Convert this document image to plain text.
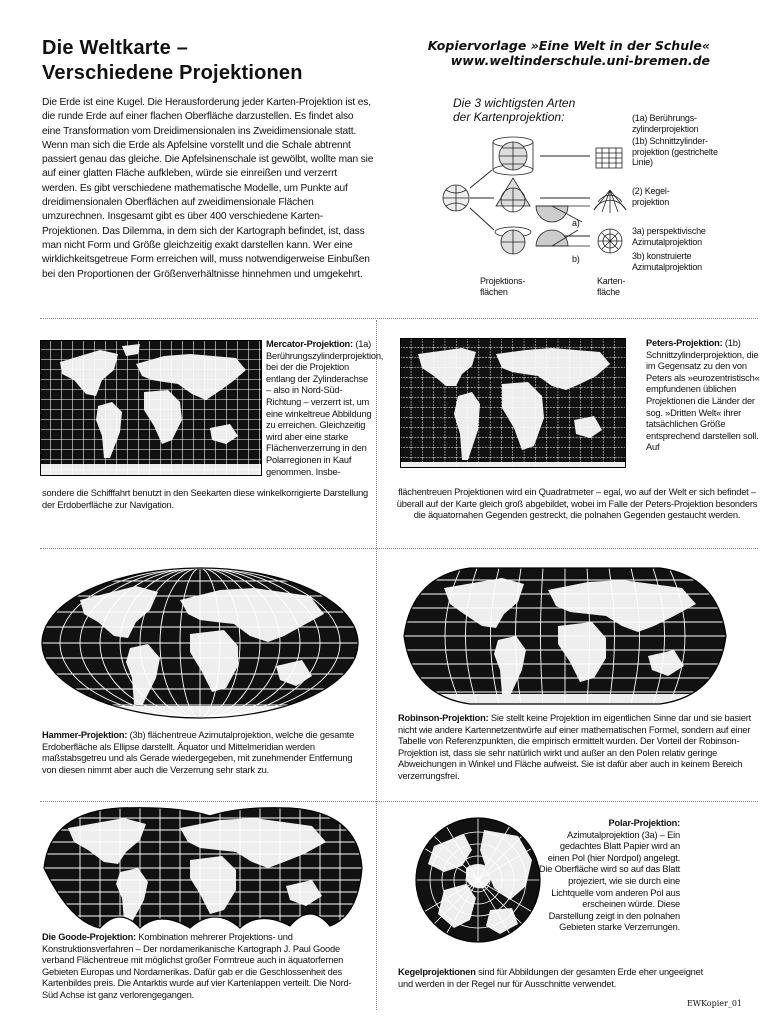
Die Weltkarte –
Verschiedene Projektionen
Kopiervorlage »Eine Welt in der Schule«
www.weltinderschule.uni-bremen.de

Die Erde ist eine Kugel. Die Herausforderung jeder Karten-Projektion ist es, die runde Erde auf einer flachen Oberfläche darzustellen. Es findet also eine Transformation vom Dreidimensionalen ins Zweidimensionale statt. Wenn man sich die Erde als Apfelsine vorstellt und die Schale abtrennt passiert genau das gleiche. Die Apfelsinenschale ist gewölbt, wollte man sie auf einer glatten Fläche aufkleben, würde sie einreißen und verzerrt werden. Es gibt verschiedene mathematische Modelle, um Punkte auf dreidimensionalen Oberflächen auf zweidimensionale Flächen umzurechnen. Insgesamt gibt es über 400 verschiedene Karten-Projektionen. Das Dilemma, in dem sich der Kartograph befindet, ist, dass man nicht Form und Größe gleichzeitig exakt darstellen kann. Wer eine wirklichkeitsgetreue Form erreichen will, muss notwendigerweise Einbußen bei den Proportionen der Größenverhältnisse hinnehmen und umgekehrt.

Die 3 wichtigsten Arten
der Kartenprojektion:	(1a) Berührungs-zylinderprojektion
(1b) Schnittzylinder-projektion (gestrichelte Linie)
(2) Kegel-projektion
3a) perspektivische Azimutalprojektion
3b) konstruierte Azimutalprojektion
a)
b)
Projektions-flächen
Karten-fläche
Mercator-Projektion: (1a) Berührungszylinderprojektion, bei der die Projektion entlang der Zylinderachse – also in Nord-Süd-Richtung – verzerrt ist, um eine winkeltreue Abbildung zu erreichen. Gleichzeitig wird aber eine starke Flächenverzerrung in den Polarregionen in Kauf genommen. Insbe-
sondere die Schifffahrt benutzt in den Seekarten diese winkelkorrigierte Darstellung der Erdoberfläche zur Navigation.
Peters-Projektion: (1b) Schnittzylinderprojektion, die im Gegensatz zu den von Peters als »eurozentristisch« empfundenen üblichen Projektionen die Länder der sog. »Dritten Welt« ihrer tatsächlichen Größe entsprechend darstellen soll. Auf
flächentreuen Projektionen wird ein Quadratmeter – egal, wo auf der Welt er sich befindet – überall auf der Karte gleich groß abgebildet, wobei im Falle der Peters-Projektion besonders die äquatornahen Gegenden gestreckt, die polnahen Gegenden gestaucht werden.
Hammer-Projektion: (3b) flächentreue Azimutalprojektion, welche die gesamte Erdoberfläche als Ellipse darstellt. Äquator und Mittelmeridian werden maßstabsgetreu und als Gerade wiedergegeben, mit zunehmender Entfernung von diesen nimmt aber auch die Verzerrung sehr stark zu.
Robinson-Projektion: Sie stellt keine Projektion im eigentlichen Sinne dar und sie basiert nicht wie andere Kartennetzentwürfe auf einer mathematischen Formel, sondern auf einer Tabelle von Referenzpunkten, die empirisch ermittelt wurden. Der Vorteil der Robinson-Projektion ist, dass sie sehr natürlich wirkt und außer an den Polen relativ geringe Abweichungen in Winkel und Fläche aufweist. Sie ist dafür aber auch in keinem Bereich verzerrungsfrei.
Die Goode-Projektion: Kombination mehrerer Projektions- und Konstruktionsverfahren – Der nordamerikanische Kartograph J. Paul Goode verband Flächentreue mit möglichst großer Formtreue auch in äquatorfernen Gebieten Europas und Nordamerikas. Dafür gab er die Geschlossenheit des Kartenbildes preis. Die Antarktis wurde auf vier Kartenlappen verteilt. Die Nord-Süd Achse ist ganz verlorengegangen.
Polar-Projektion: Azimutalprojektion (3a) – Ein gedachtes Blatt Papier wird an einen Pol (hier Nordpol) angelegt. Die Oberfläche wird so auf das Blatt projeziert, wie sie durch eine Lichtquelle vom anderen Pol aus erscheinen würde. Diese Darstellung zeigt in den polnahen Gebieten starke Verzerrungen.
Kegelprojektionen sind für Abbildungen der gesamten Erde eher ungeeignet und werden in der Regel nur für Ausschnitte verwendet.
EWKopier_01
